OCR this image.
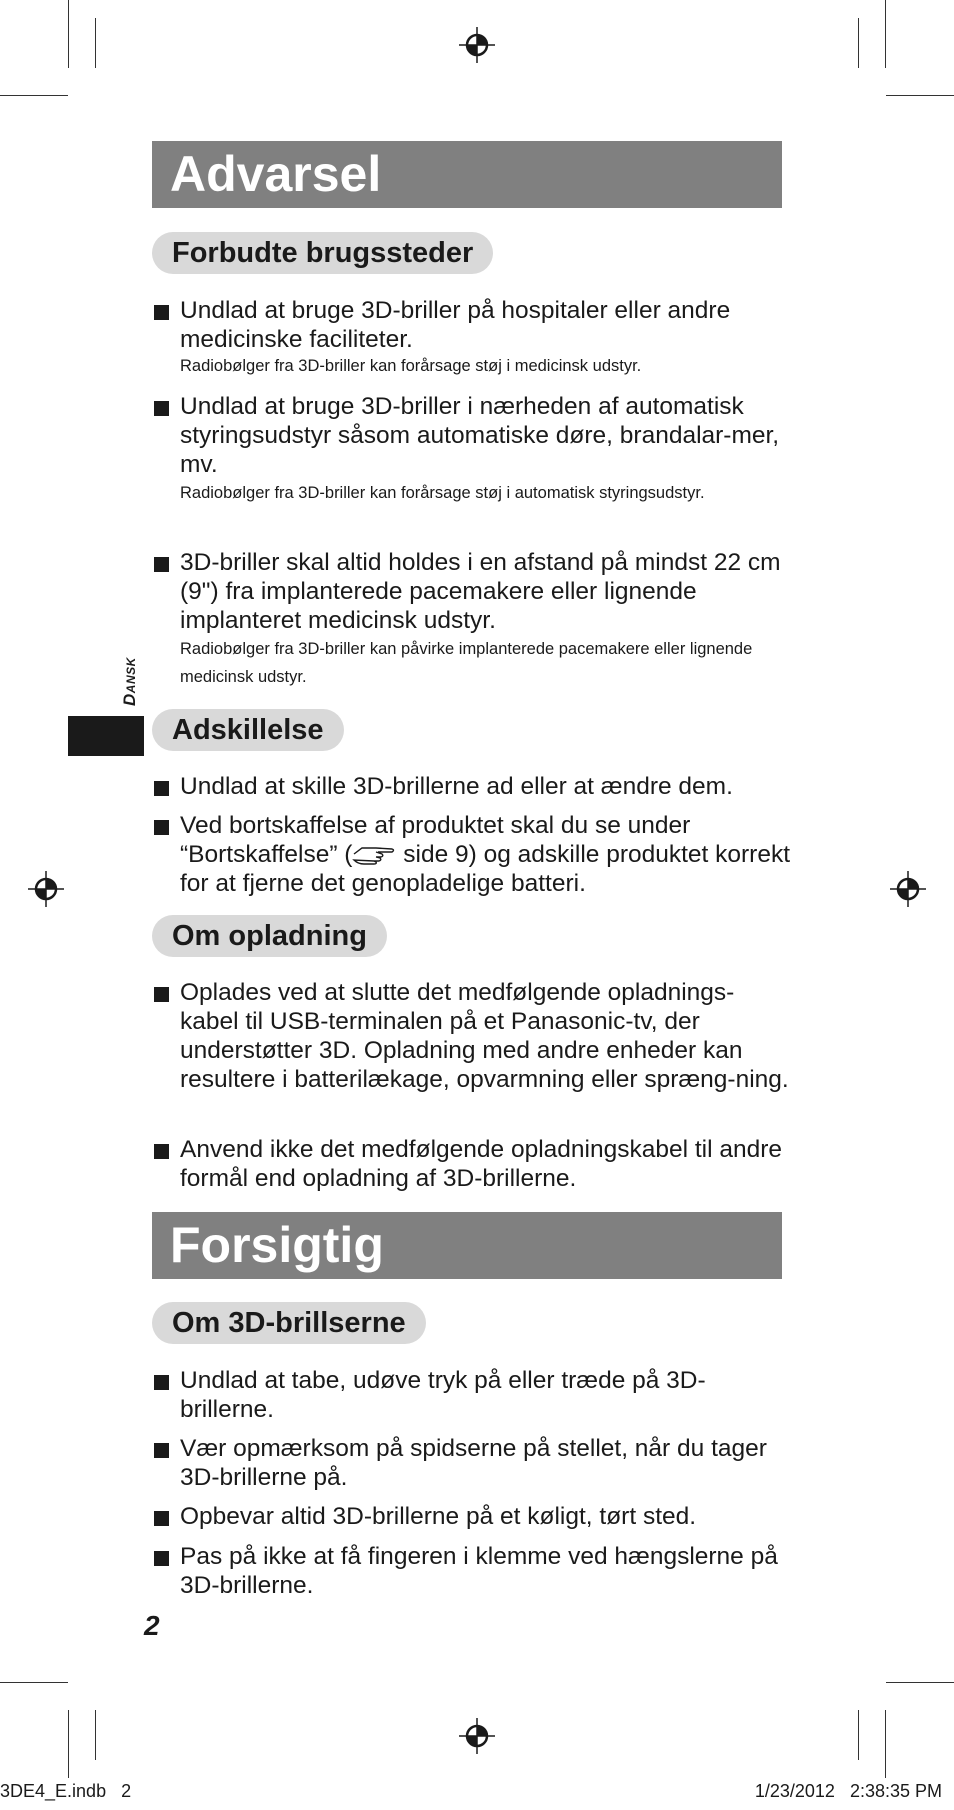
Dansk
Advarsel
Forbudte brugssteder
Undlad at bruge 3D-briller på hospitaler eller andre medicinske faciliteter.
Radiobølger fra 3D-briller kan forårsage støj i medicinsk udstyr.
Undlad at bruge 3D-briller i nærheden af automatisk styringsudstyr såsom automatiske døre, brandalar-mer, mv.
Radiobølger fra 3D-briller kan forårsage støj i automatisk styringsudstyr.
3D-briller skal altid holdes i en afstand på mindst 22 cm (9") fra implanterede pacemakere eller lignende implanteret medicinsk udstyr.
Radiobølger fra 3D-briller kan påvirke implanterede pacemakere eller lignende medicinsk udstyr.
Adskillelse
Undlad at skille 3D-brillerne ad eller at ændre dem.
Ved bortskaffelse af produktet skal du se under “Bortskaffelse” ( side 9) og adskille produktet korrekt for at fjerne det genopladelige batteri.
Om opladning
Oplades ved at slutte det medfølgende opladnings-kabel til USB-terminalen på et Panasonic-tv, der understøtter 3D. Opladning med andre enheder kan resultere i batterilækage, opvarmning eller spræng-ning.
Anvend ikke det medfølgende opladningskabel til andre formål end opladning af 3D-brillerne.
Forsigtig
Om 3D-brillserne
Undlad at tabe, udøve tryk på eller træde på 3D-brillerne.
Vær opmærksom på spidserne på stellet, når du tager 3D-brillerne på.
Opbevar altid 3D-brillerne på et køligt, tørt sted.
Pas på ikke at få fingeren i klemme ved hængslerne på 3D-brillerne.
2
3DE4_E.indb   2	1/23/2012   2:38:35 PM
